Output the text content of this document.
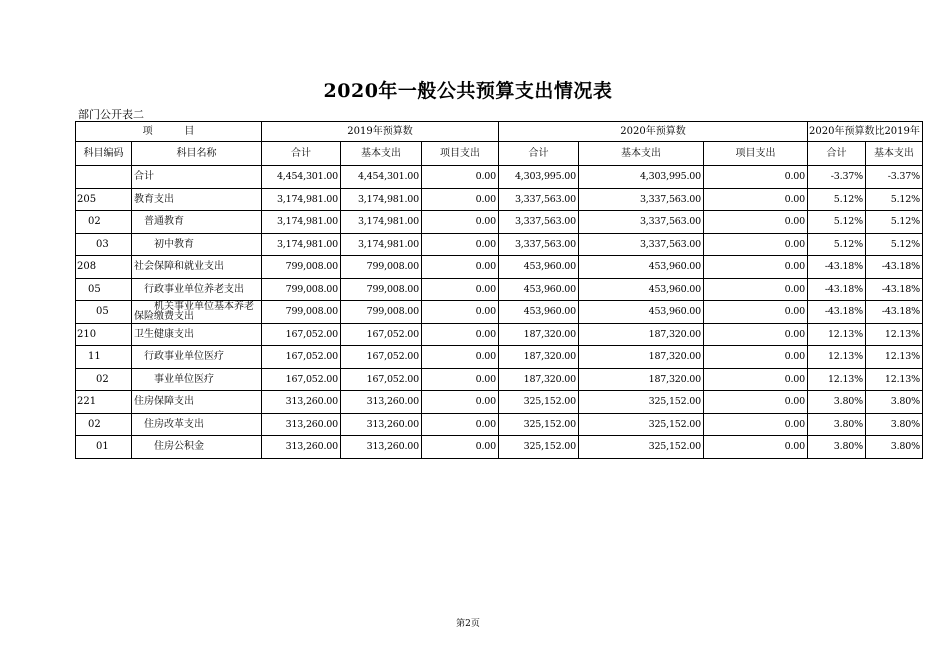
2020年一般公共预算支出情况表
部门公开表二
项          目		2019年预算数			2020年预算数			2020年预算数比2019年	
科目编码	科目名称	合计	基本支出	项目支出	合计	基本支出	项目支出	合计	基本支出
	合计	4,454,301.00	4,454,301.00	0.00	4,303,995.00	4,303,995.00	0.00	-3.37%	-3.37%
205	教育支出	3,174,981.00	3,174,981.00	0.00	3,337,563.00	3,337,563.00	0.00	5.12%	5.12%
02	普通教育	3,174,981.00	3,174,981.00	0.00	3,337,563.00	3,337,563.00	0.00	5.12%	5.12%
03	初中教育	3,174,981.00	3,174,981.00	0.00	3,337,563.00	3,337,563.00	0.00	5.12%	5.12%
208	社会保障和就业支出	799,008.00	799,008.00	0.00	453,960.00	453,960.00	0.00	-43.18%	-43.18%
05	行政事业单位养老支出	799,008.00	799,008.00	0.00	453,960.00	453,960.00	0.00	-43.18%	-43.18%
05	机关事业单位基本养老保险缴费支出	799,008.00	799,008.00	0.00	453,960.00	453,960.00	0.00	-43.18%	-43.18%
210	卫生健康支出	167,052.00	167,052.00	0.00	187,320.00	187,320.00	0.00	12.13%	12.13%
11	行政事业单位医疗	167,052.00	167,052.00	0.00	187,320.00	187,320.00	0.00	12.13%	12.13%
02	事业单位医疗	167,052.00	167,052.00	0.00	187,320.00	187,320.00	0.00	12.13%	12.13%
221	住房保障支出	313,260.00	313,260.00	0.00	325,152.00	325,152.00	0.00	3.80%	3.80%
02	住房改革支出	313,260.00	313,260.00	0.00	325,152.00	325,152.00	0.00	3.80%	3.80%
01	住房公积金	313,260.00	313,260.00	0.00	325,152.00	325,152.00	0.00	3.80%	3.80%
第2页
